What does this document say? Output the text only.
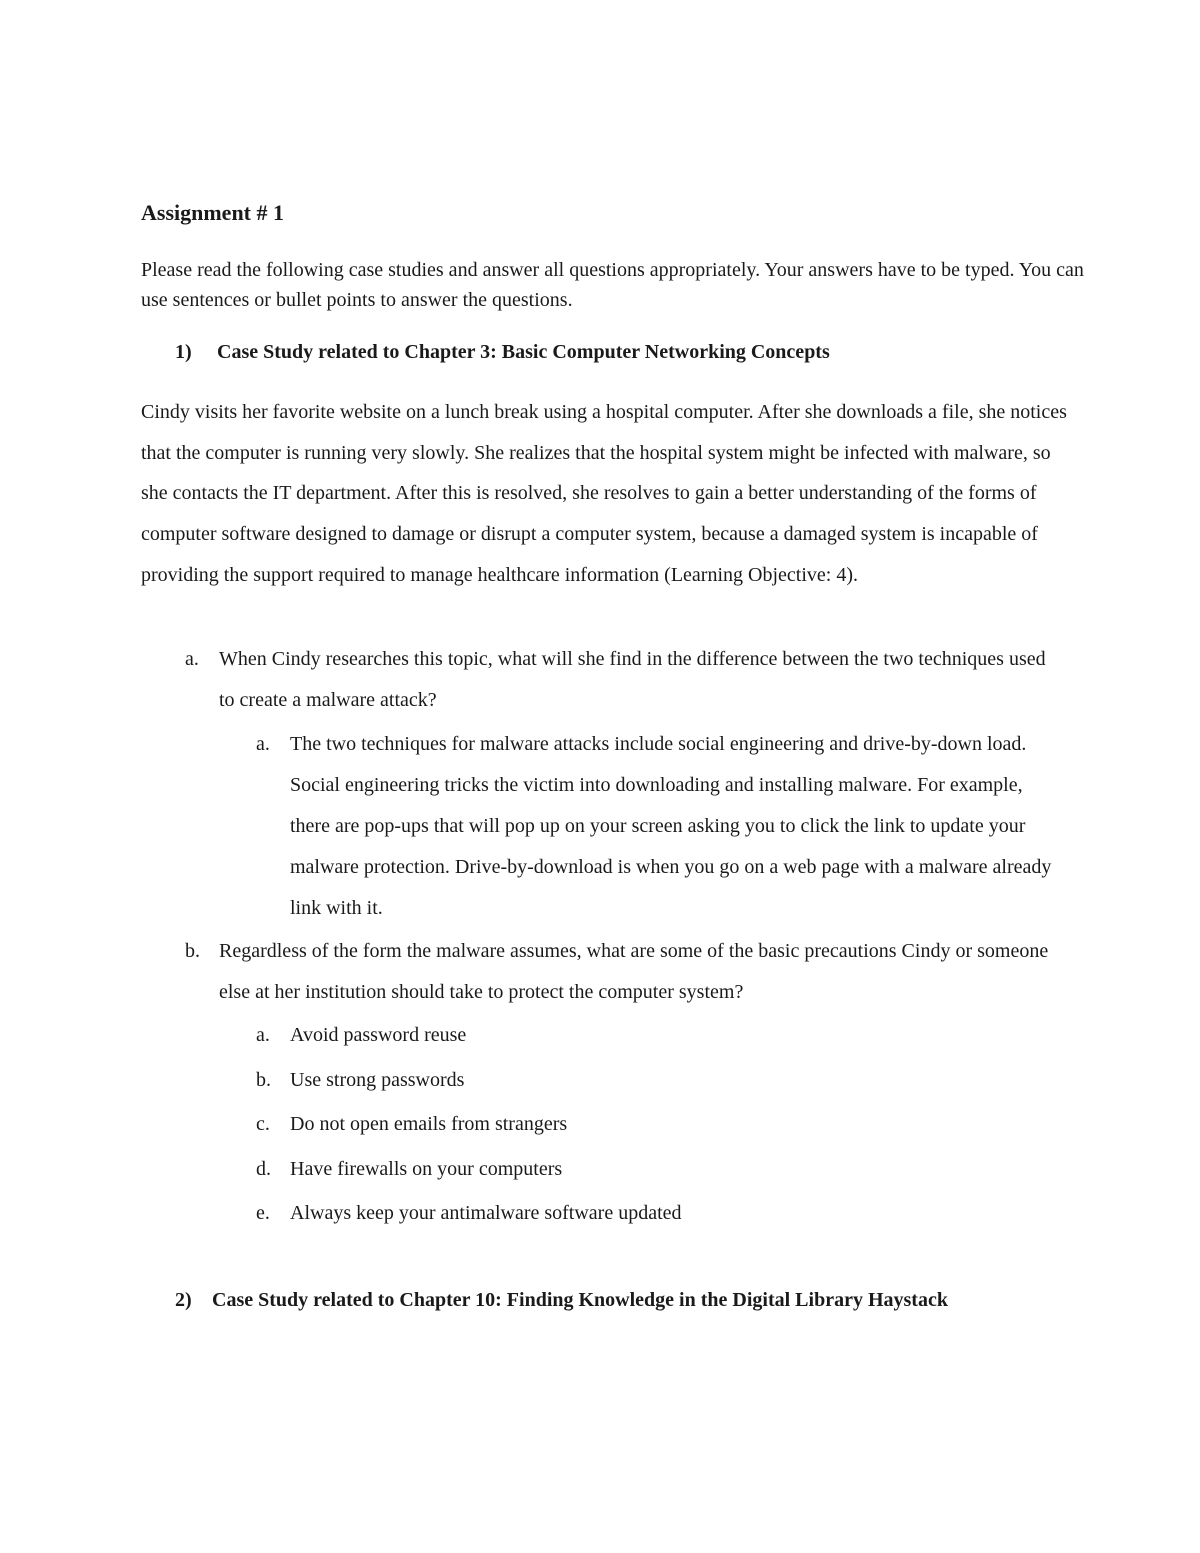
Assignment # 1

Please read the following case studies and answer all questions appropriately. Your answers have to be typed. You can use sentences or bullet points to answer the questions.

1) Case Study related to Chapter 3: Basic Computer Networking Concepts

Cindy visits her favorite website on a lunch break using a hospital computer. After she downloads a file, she notices that the computer is running very slowly. She realizes that the hospital system might be infected with malware, so she contacts the IT department. After this is resolved, she resolves to gain a better understanding of the forms of computer software designed to damage or disrupt a computer system, because a damaged system is incapable of providing the support required to manage healthcare information (Learning Objective: 4).

a. When Cindy researches this topic, what will she find in the difference between the two techniques used to create a malware attack?
a. The two techniques for malware attacks include social engineering and drive-by-down load. Social engineering tricks the victim into downloading and installing malware. For example, there are pop-ups that will pop up on your screen asking you to click the link to update your malware protection. Drive-by-download is when you go on a web page with a malware already link with it.
b. Regardless of the form the malware assumes, what are some of the basic precautions Cindy or someone else at her institution should take to protect the computer system?
a. Avoid password reuse
b. Use strong passwords
c. Do not open emails from strangers
d. Have firewalls on your computers
e. Always keep your antimalware software updated
2) Case Study related to Chapter 10: Finding Knowledge in the Digital Library Haystack
